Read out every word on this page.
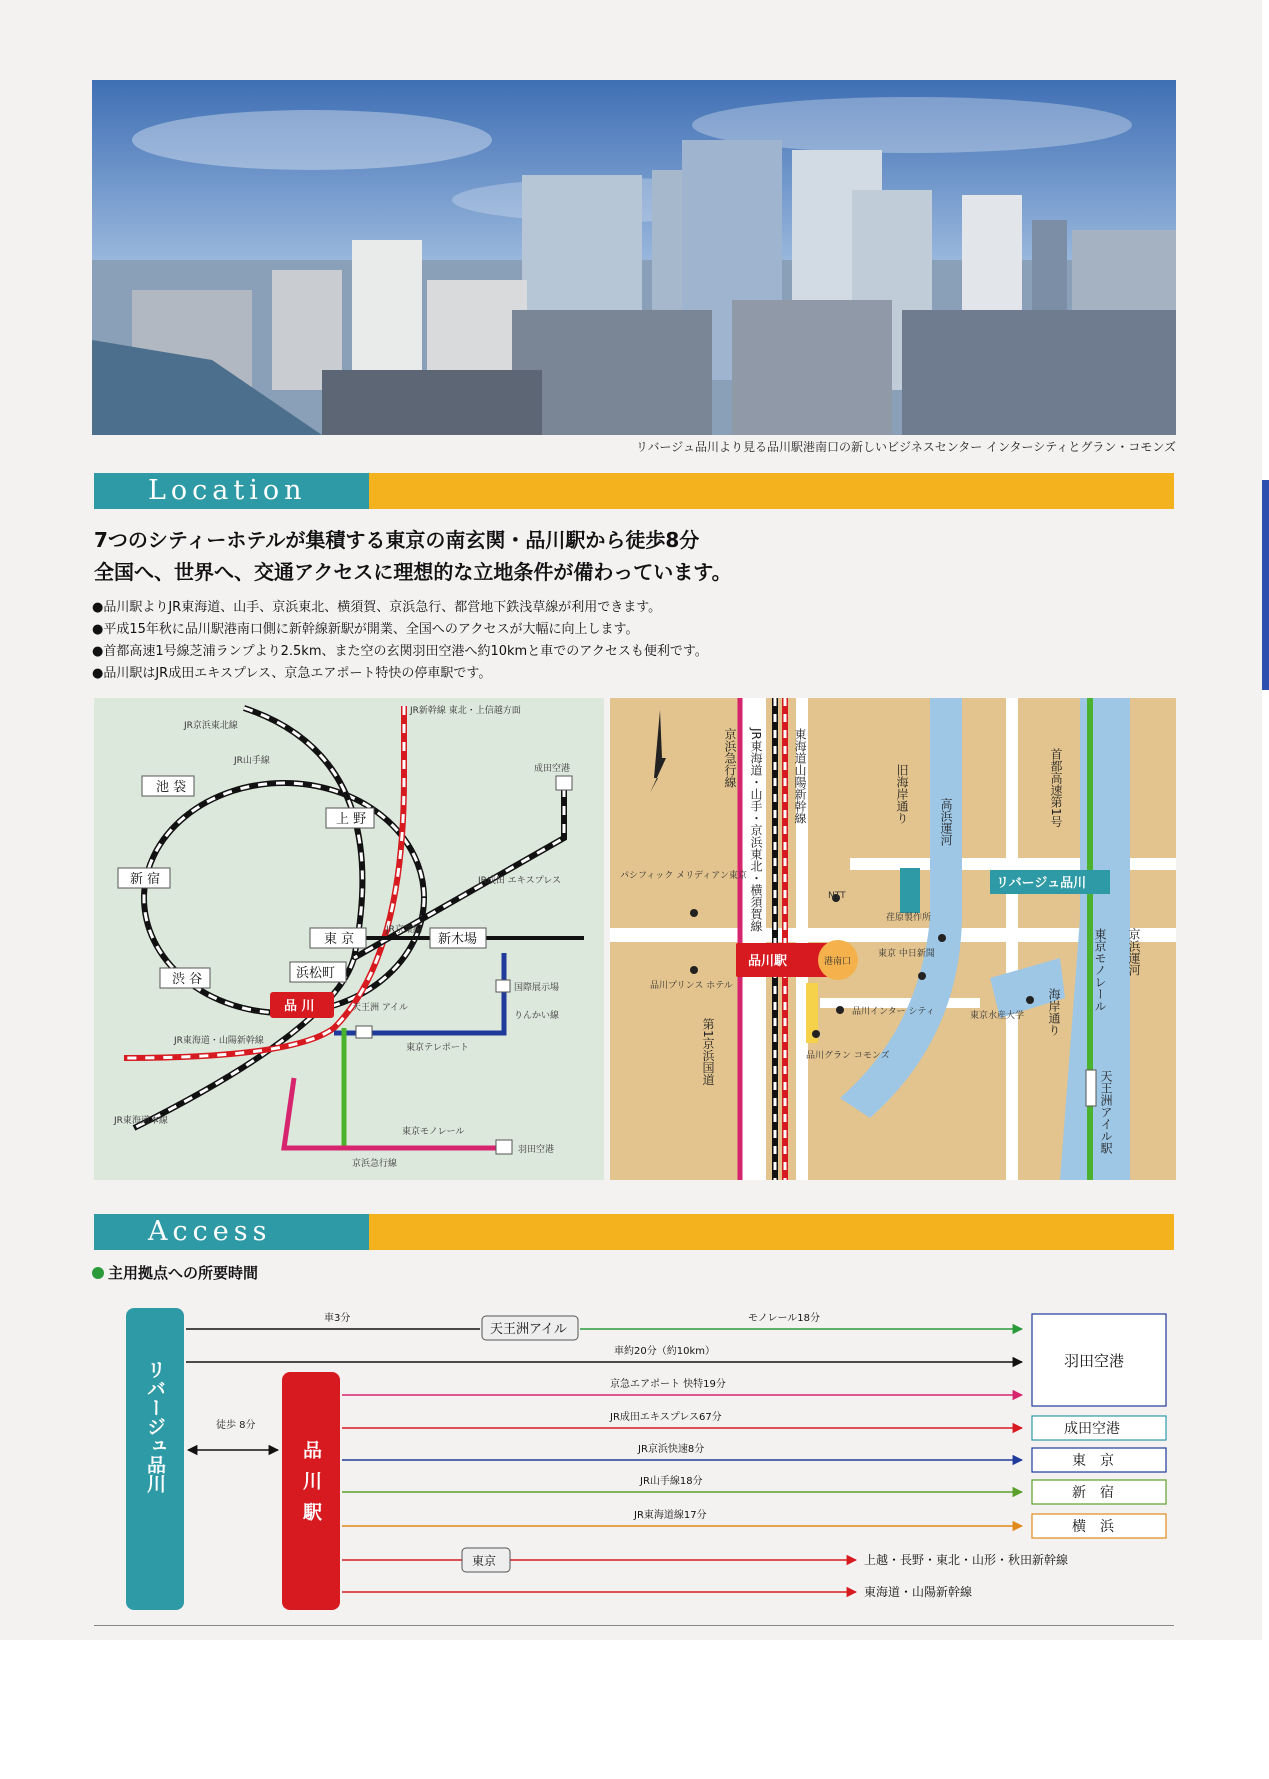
リバージュ品川より見る品川駅港南口の新しいビジネスセンター インターシティとグラン・コモンズ
Location
7つのシティーホテルが集積する東京の南玄関・品川駅から徒歩8分
全国へ、世界へ、交通アクセスに理想的な立地条件が備わっています。
●品川駅よりJR東海道、山手、京浜東北、横須賀、京浜急行、都営地下鉄浅草線が利用できます。
●平成15年秋に品川駅港南口側に新幹線新駅が開業、全国へのアクセスが大幅に向上します。
●首都高速1号線芝浦ランプより2.5km、また空の玄関羽田空港へ約10kmと車でのアクセスも便利です。
●品川駅はJR成田エキスプレス、京急エアポート特快の停車駅です。
池 袋
上 野
新 宿
東 京	新木場
渋 谷	浜松町
品 川
成田空港
羽田空港
国際展示場
天王洲 アイル
JR京浜東北線
JR山手線
JR新幹線 東北・上信越方面
JR成田 エキスプレス
JR京葉線
りんかい線
東京テレポート
JR東海道・山陽新幹線
JR東海道本線
東京モノレール
京浜急行線
京浜急行線 JR東海道・山手・京浜東北・横須賀線	東海道山陽新幹線	旧海岸通り	高浜運河	首都高速第1号
パシフィック メリディアン東京
NTT
荏原製作所
リバージュ品川
品川駅	港南口
東京 中日新聞
品川プリンス ホテル
品川インター シティ
品川グラン コモンズ
東京水産大学 海岸通り	東京モノレール 京浜運河
第1京浜国道
天王洲アイル駅
Access
主用拠点への所要時間
リバージュ品川	品川駅
徒歩 8分
天王洲アイル
車3分	モノレール18分
車約20分（約10km）
京急エアポート 快特19分
JR成田エキスプレス67分
JR京浜快速8分
JR山手線18分
JR東海道線17分
東京	上越・長野・東北・山形・秋田新幹線
東海道・山陽新幹線
羽田空港
成田空港
東　京
新　宿
横　浜
